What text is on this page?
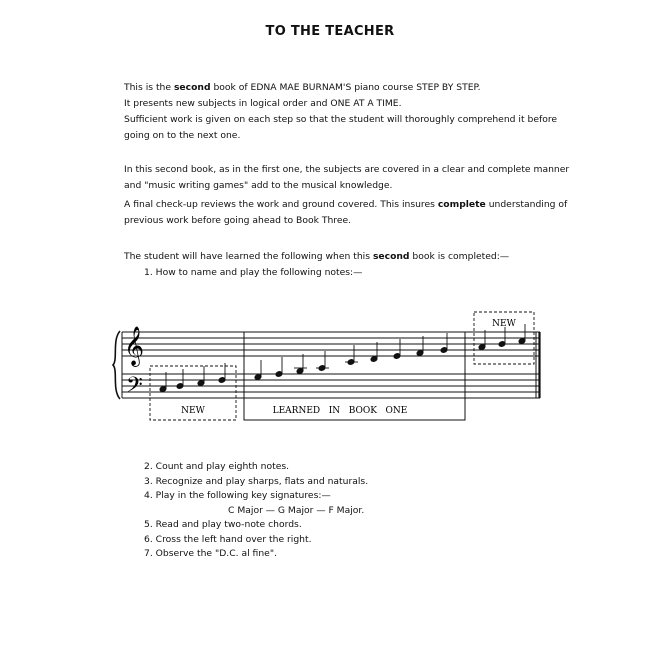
TO THE TEACHER

This is the second book of EDNA MAE BURNAM'S piano course STEP BY STEP.

It presents new subjects in logical order and ONE AT A TIME.

Sufficient work is given on each step so that the student will thoroughly comprehend it before

going on to the next one.

In this second book, as in the first one, the subjects are covered in a clear and complete manner

and "music writing games" add to the musical knowledge.

A final check-up reviews the work and ground covered. This insures complete understanding of

previous work before going ahead to Book Three.

The student will have learned the following when this second book is completed:—

1. How to name and play the following notes:—

𝄞
𝄢
NEW
NEW	LEARNED   IN   BOOK   ONE

2. Count and play eighth notes.

3. Recognize and play sharps, flats and naturals.

4. Play in the following key signatures:—

C Major — G Major — F Major.

5. Read and play two-note chords.

6. Cross the left hand over the right.

7. Observe the "D.C. al fine".
